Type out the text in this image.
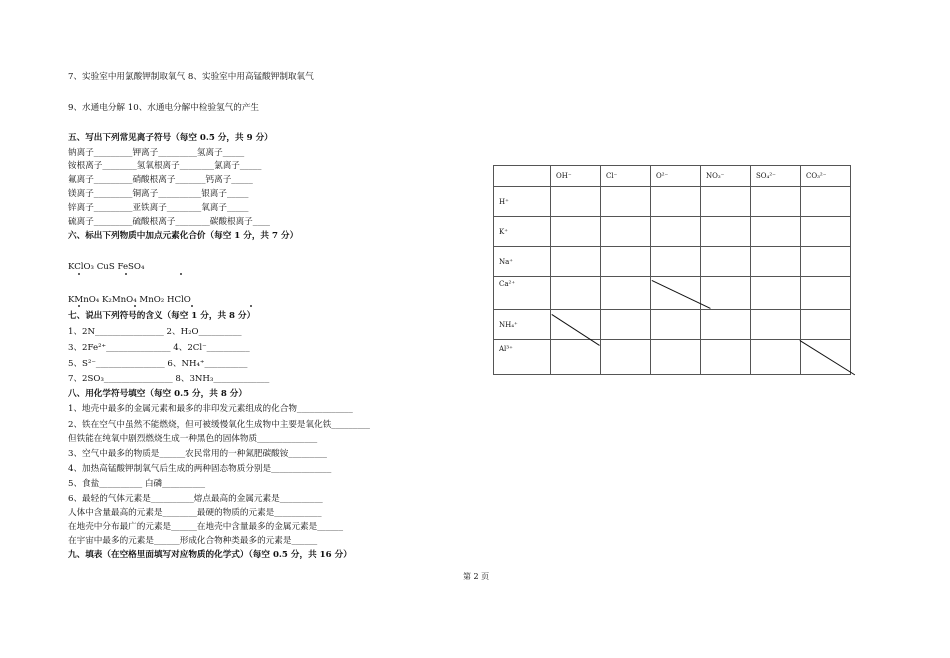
7、实验室中用氯酸钾制取氧气 8、实验室中用高锰酸钾制取氧气
9、水通电分解 10、水通电分解中检验氢气的产生
五、写出下列常见离子符号（每空 0.5 分，共 9 分）
钠离子_________钾离子_________氢离子_____
铵根离子________氢氧根离子________氯离子_____
氟离子_________硝酸根离子_______钙离子_____
镁离子_________铜离子__________银离子_____
锌离子_________亚铁离子________氧离子_____
硫离子_________硫酸根离子________碳酸根离子____
六、标出下列物质中加点元素化合价（每空 1 分，共 7 分）
KClO₃ CuS FeSO₄
KMnO₄ K₂MnO₄ MnO₂ HClO
七、说出下列符号的含义（每空 1 分，共 8 分）
1、2N________________ 2、H₂O__________
3、2Fe²⁺_______________ 4、2Cl⁻__________
5、S²⁻________________ 6、NH₄⁺__________
7、2SO₃________________ 8、3NH₃_____________
八、用化学符号填空（每空 0.5 分，共 8 分）
1、地壳中最多的金属元素和最多的非印发元素组成的化合物_____________
2、铁在空气中虽然不能燃烧，但可被缓慢氧化生成物中主要是氧化铁_________
但铁能在纯氧中剧烈燃烧生成一种黑色的固体物质______________
3、空气中最多的物质是______农民常用的一种氮肥碳酸铵_________
4、加热高锰酸钾制氧气后生成的两种固态物质分别是______________
5、食盐__________ 白磷__________
6、最轻的气体元素是__________熔点最高的金属元素是__________
人体中含量最高的元素是________最硬的物质的元素是___________
在地壳中分布最广的元素是______在地壳中含量最多的金属元素是______
在宇宙中最多的元素是______形成化合物种类最多的元素是______
九、填表（在空格里面填写对应物质的化学式）（每空 0.5 分，共 16 分）
	OH⁻	Cl⁻	O²⁻	NO₃⁻	SO₄²⁻	CO₃²⁻
H⁺						
K⁺						
Na⁺						
Ca²⁺						
NH₄⁺						
Al³⁺						
第 2 页
